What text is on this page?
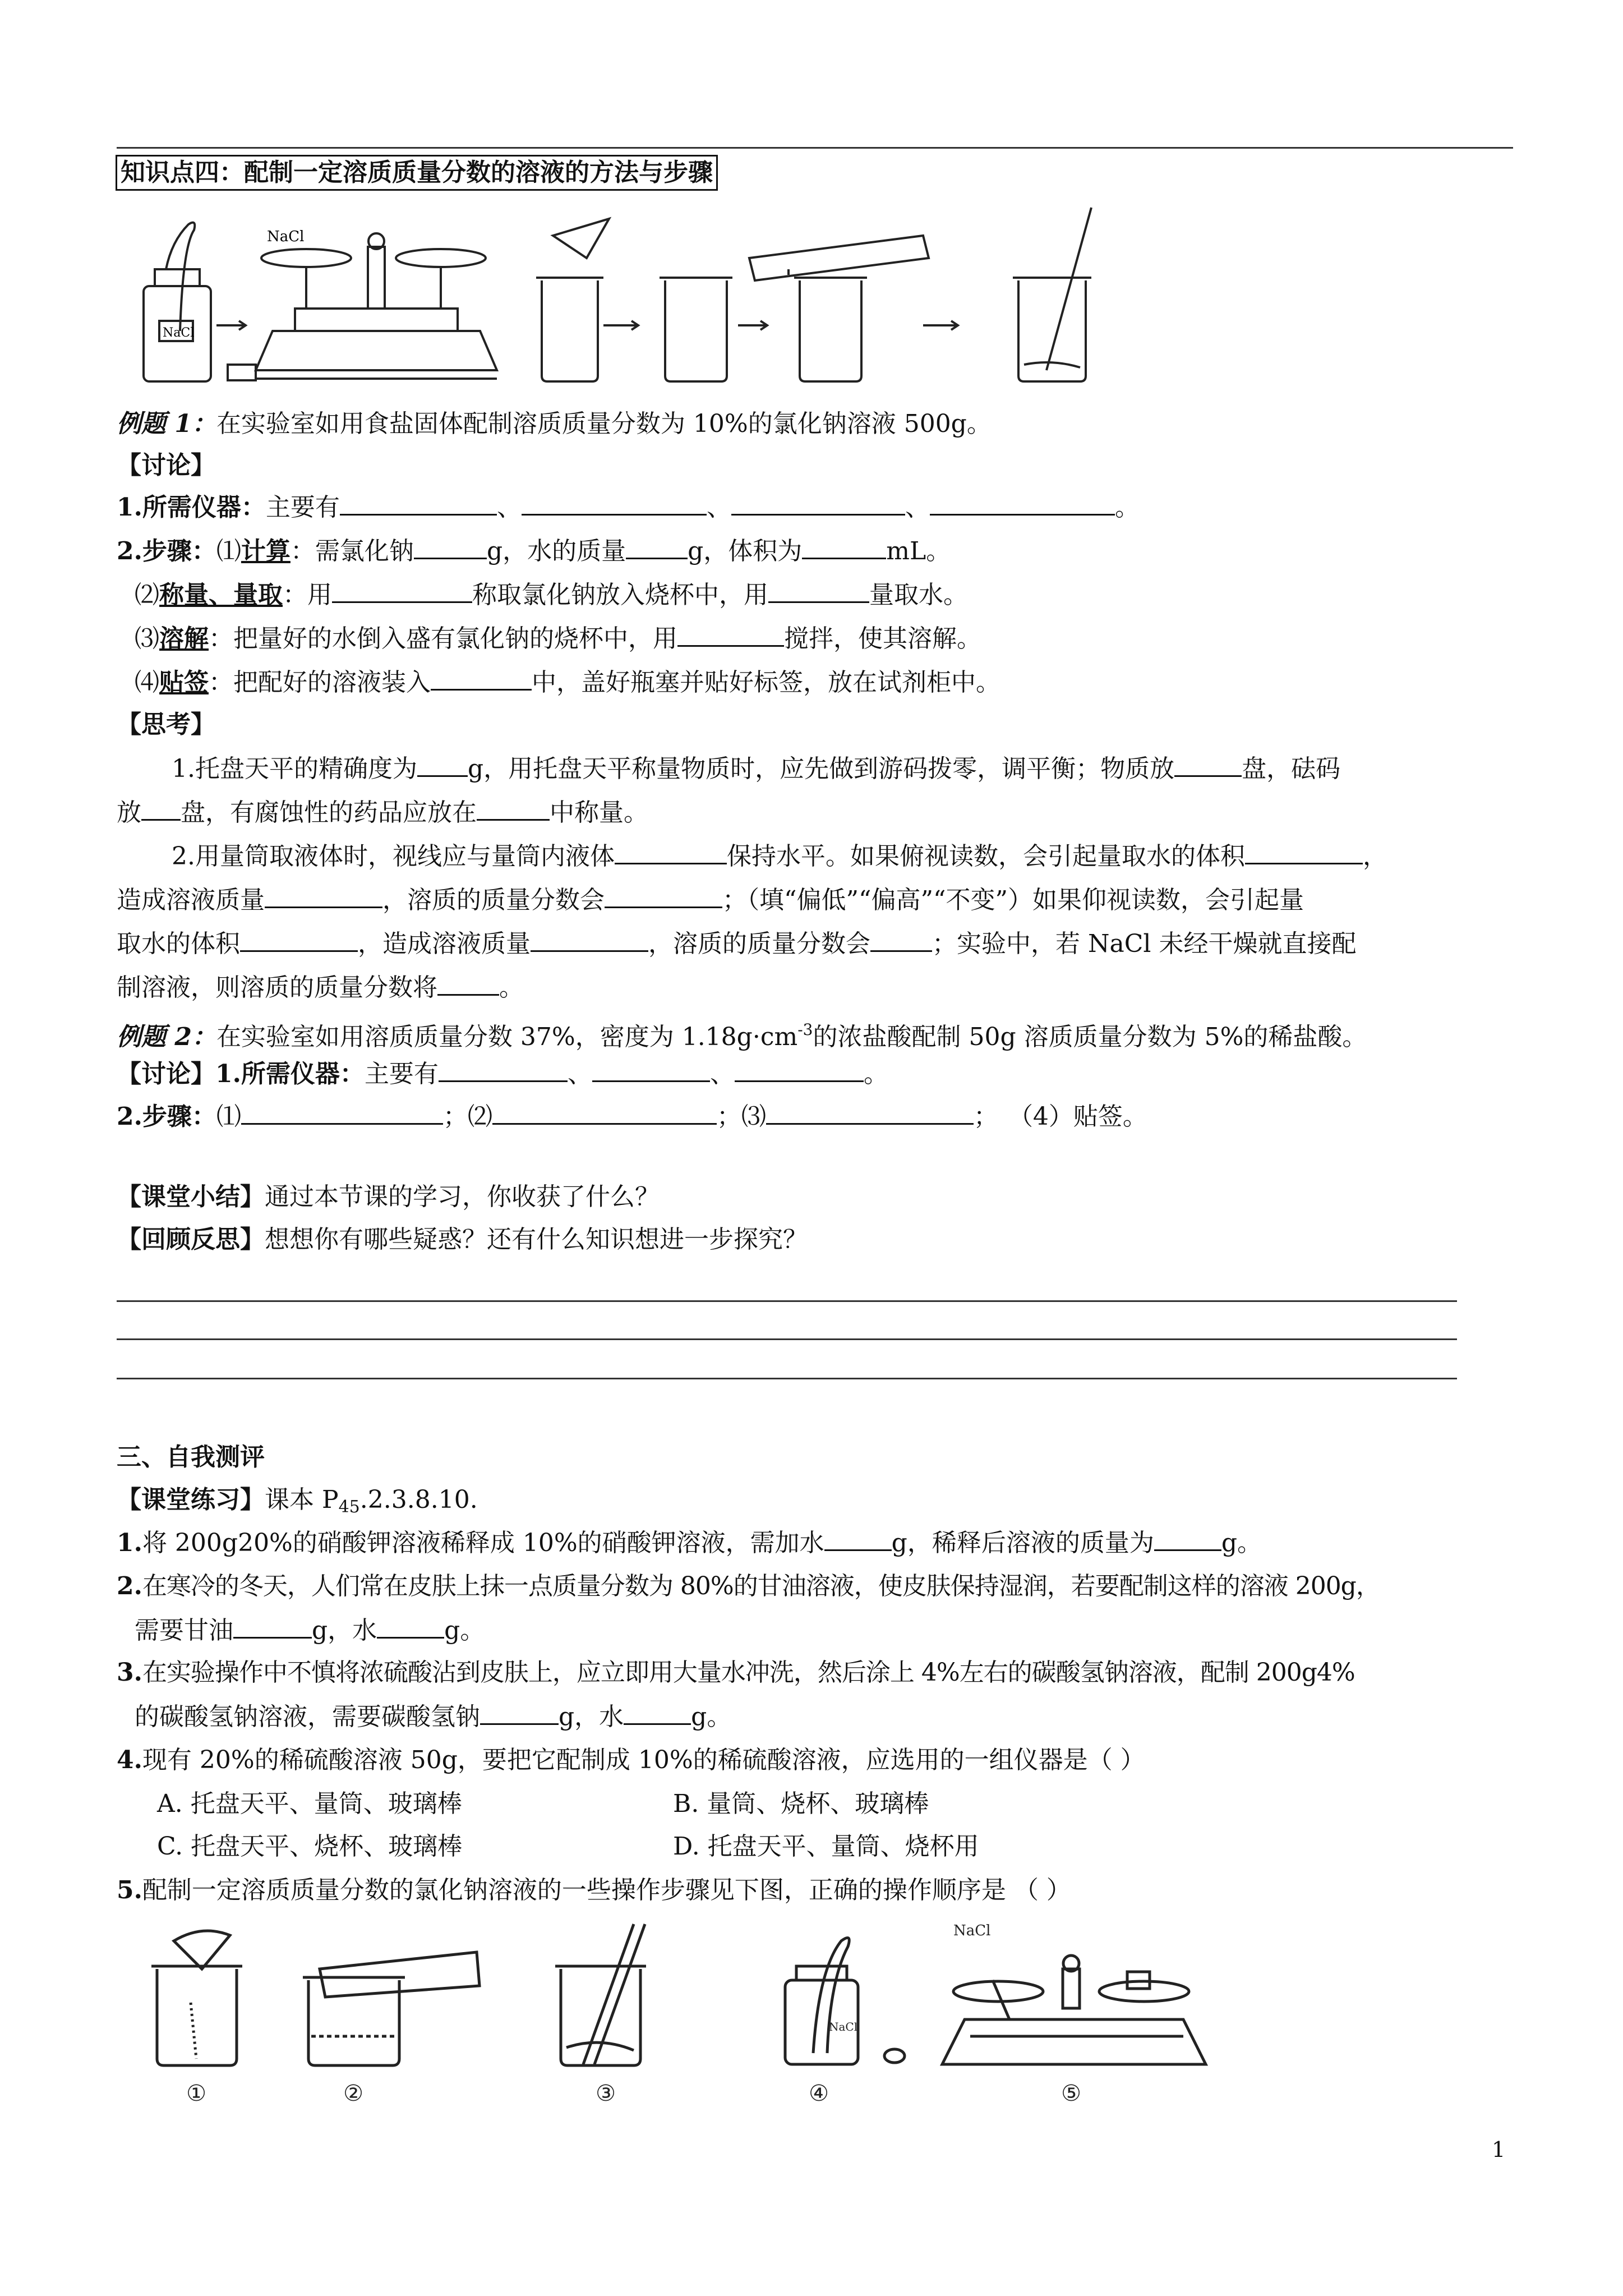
知识点四：配制一定溶质质量分数的溶液的方法与步骤
NaCl
NaCl
例题 1：在实验室如用食盐固体配制溶质质量分数为 10%的氯化钠溶液 500g。
【讨论】
1.所需仪器：主要有	、	、	、	。
2.步骤：⑴计算：需氯化钠	g，水的质量	g，体积为	mL。
⑵称量、量取：用	称取氯化钠放入烧杯中，用	量取水。
⑶溶解：把量好的水倒入盛有氯化钠的烧杯中，用	搅拌，使其溶解。
⑷贴签：把配好的溶液装入	中，盖好瓶塞并贴好标签，放在试剂柜中。
【思考】
1.托盘天平的精确度为 g，用托盘天平称量物质时，应先做到游码拨零，调平衡；物质放	盘，砝码
放 盘，有腐蚀性的药品应放在	中称量。
2.用量筒取液体时，视线应与量筒内液体	保持水平。如果俯视读数，会引起量取水的体积	，
造成溶液质量	，溶质的质量分数会	；（填“偏低”“偏高”“不变”）如果仰视读数，会引起量
取水的体积	，造成溶液质量	，溶质的质量分数会	；实验中，若 NaCl 未经干燥就直接配
制溶液，则溶质的质量分数将	。
例题 2：在实验室如用溶质质量分数 37%，密度为 $1.18g\cdot cm^{-3}$的浓盐酸配制 50g 溶质质量分数为 5%的稀盐酸。
【讨论】1.所需仪器：主要有	、	、	。
2.步骤：⑴	；⑵	；⑶	； （4）贴签。
【课堂小结】通过本节课的学习，你收获了什么？
【回顾反思】想想你有哪些疑惑？还有什么知识想进一步探究？
三、自我测评
【课堂练习】课本 $P_{45}.2.3.8.10$.
1.将 200g20%的硝酸钾溶液稀释成 10%的硝酸钾溶液，需加水	g，稀释后溶液的质量为	g。
2.在寒冷的冬天，人们常在皮肤上抹一点质量分数为 80%的甘油溶液，使皮肤保持湿润，若要配制这样的溶液 200g，
需要甘油	g，水	g。
3.在实验操作中不慎将浓硫酸沾到皮肤上，应立即用大量水冲洗，然后涂上 4%左右的碳酸氢钠溶液，配制 200g4%
的碳酸氢钠溶液，需要碳酸氢钠	g，水	g。
4.现有 20%的稀硫酸溶液 50g，要把它配制成 10%的稀硫酸溶液，应选用的一组仪器是（ ）
A. 托盘天平、量筒、玻璃棒	B. 量筒、烧杯、玻璃棒
C. 托盘天平、烧杯、玻璃棒	D. 托盘天平、量筒、烧杯用
5.配制一定溶质质量分数的氯化钠溶液的一些操作步骤见下图，正确的操作顺序是 （ ）
①	②	③	④	⑤
NaCl
NaCl
1
